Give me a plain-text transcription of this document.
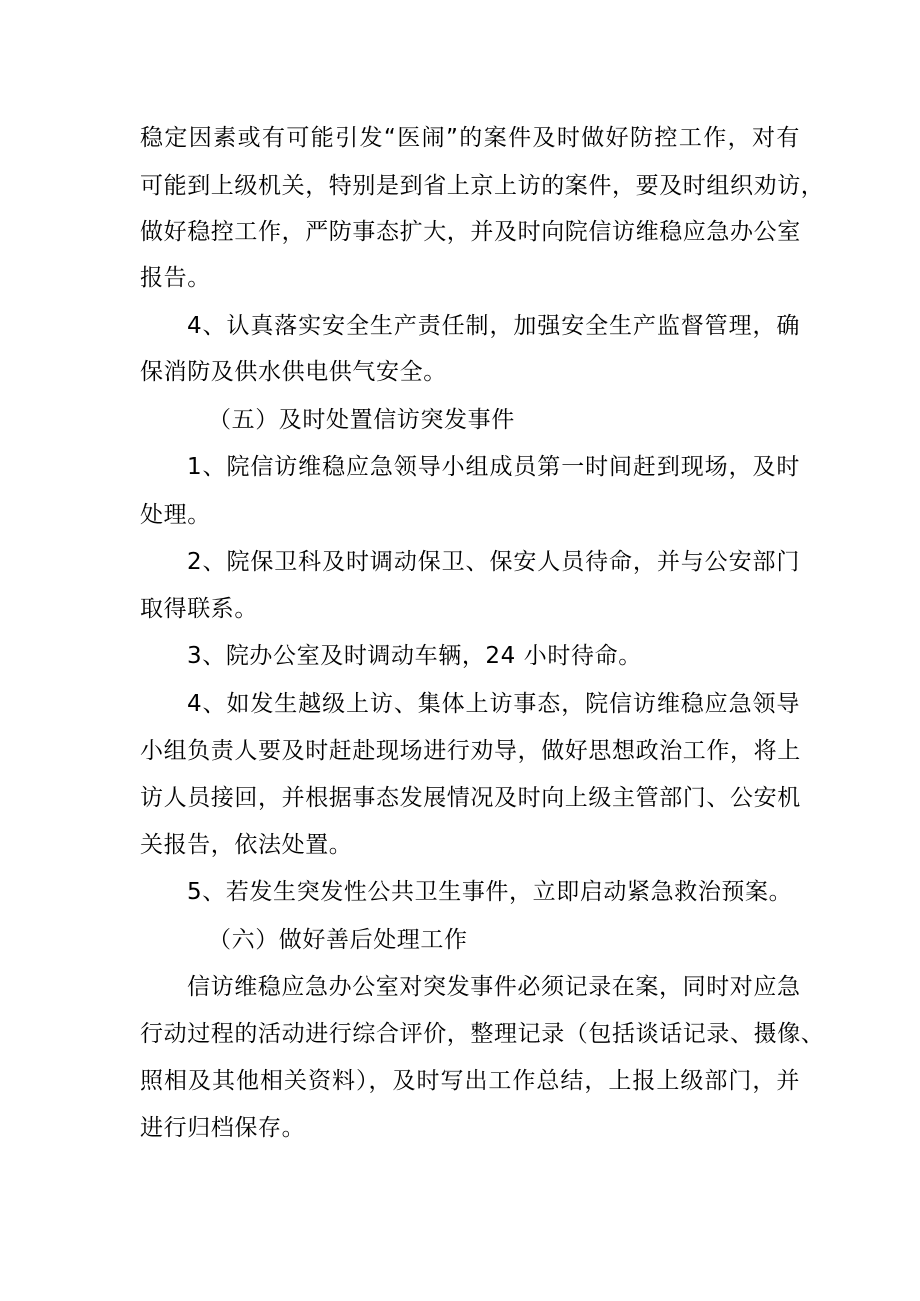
稳定因素或有可能引发“医闹”的案件及时做好防控工作，对有
可能到上级机关，特别是到省上京上访的案件，要及时组织劝访，
做好稳控工作，严防事态扩大，并及时向院信访维稳应急办公室
报告。
4、认真落实安全生产责任制，加强安全生产监督管理，确
保消防及供水供电供气安全。
（五）及时处置信访突发事件
1、院信访维稳应急领导小组成员第一时间赶到现场，及时
处理。
2、院保卫科及时调动保卫、保安人员待命，并与公安部门
取得联系。
3、院办公室及时调动车辆，24 小时待命。
4、如发生越级上访、集体上访事态，院信访维稳应急领导
小组负责人要及时赶赴现场进行劝导，做好思想政治工作，将上
访人员接回，并根据事态发展情况及时向上级主管部门、公安机
关报告，依法处置。
5、若发生突发性公共卫生事件，立即启动紧急救治预案。
（六）做好善后处理工作
信访维稳应急办公室对突发事件必须记录在案，同时对应急
行动过程的活动进行综合评价，整理记录（包括谈话记录、摄像、
照相及其他相关资料），及时写出工作总结，上报上级部门，并
进行归档保存。
